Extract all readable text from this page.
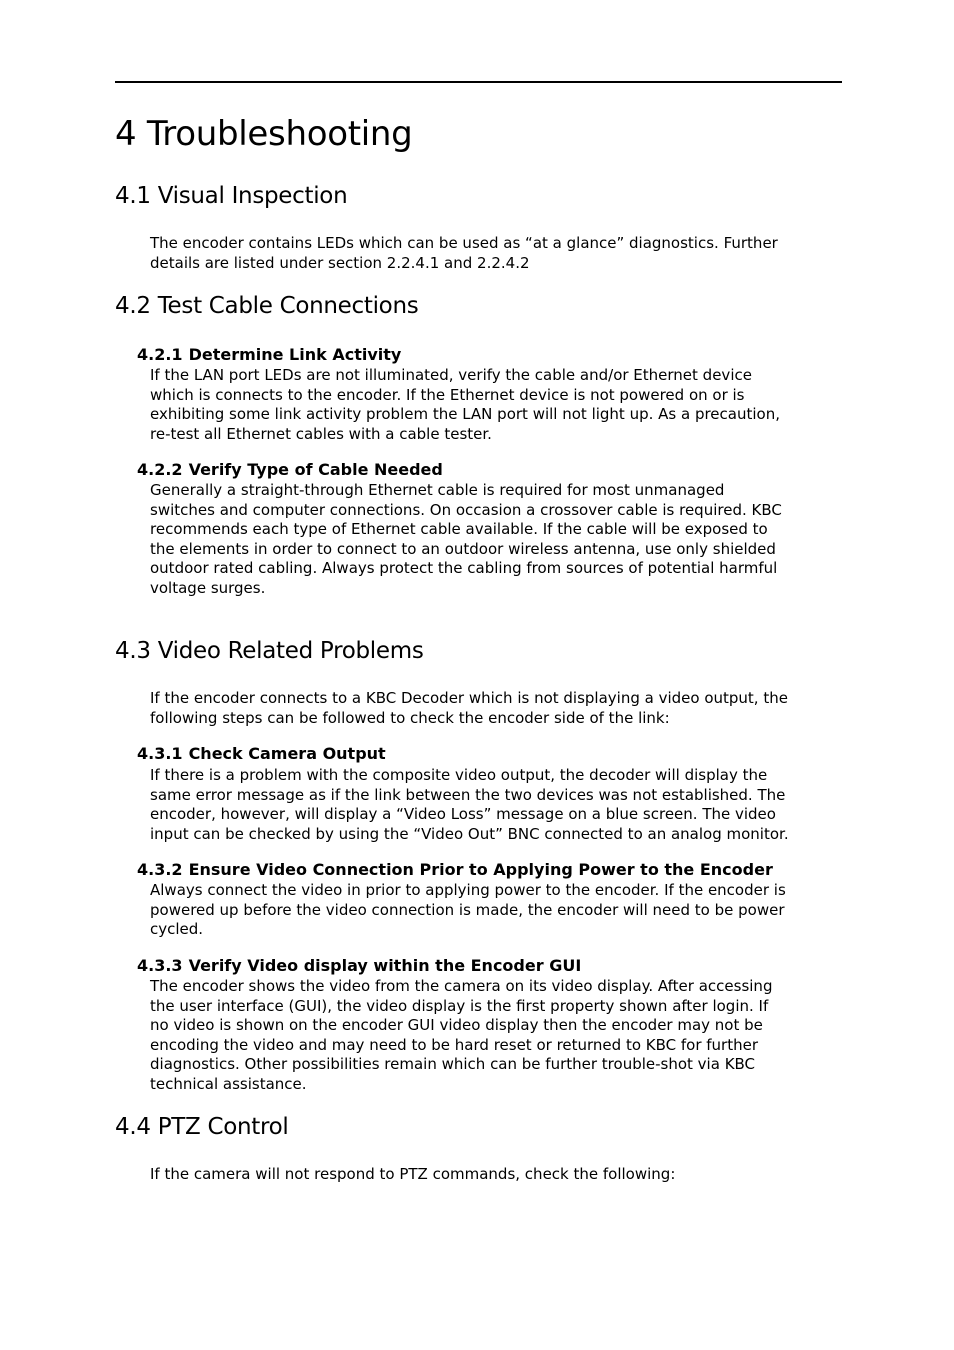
4 Troubleshooting
4.1 Visual Inspection
The encoder contains LEDs which can be used as “at a glance” diagnostics. Further
details are listed under section 2.2.4.1 and 2.2.4.2
4.2 Test Cable Connections
4.2.1 Determine Link Activity
If the LAN port LEDs are not illuminated, verify the cable and/or Ethernet device
which is connects to the encoder. If the Ethernet device is not powered on or is
exhibiting some link activity problem the LAN port will not light up. As a precaution,
re-test all Ethernet cables with a cable tester.
4.2.2 Verify Type of Cable Needed
Generally a straight-through Ethernet cable is required for most unmanaged
switches and computer connections. On occasion a crossover cable is required. KBC
recommends each type of Ethernet cable available. If the cable will be exposed to
the elements in order to connect to an outdoor wireless antenna, use only shielded
outdoor rated cabling. Always protect the cabling from sources of potential harmful
voltage surges.
4.3 Video Related Problems
If the encoder connects to a KBC Decoder which is not displaying a video output, the
following steps can be followed to check the encoder side of the link:
4.3.1 Check Camera Output
If there is a problem with the composite video output, the decoder will display the
same error message as if the link between the two devices was not established. The
encoder, however, will display a “Video Loss” message on a blue screen. The video
input can be checked by using the “Video Out” BNC connected to an analog monitor.
4.3.2 Ensure Video Connection Prior to Applying Power to the Encoder
Always connect the video in prior to applying power to the encoder. If the encoder is
powered up before the video connection is made, the encoder will need to be power
cycled.
4.3.3 Verify Video display within the Encoder GUI
The encoder shows the video from the camera on its video display. After accessing
the user interface (GUI), the video display is the first property shown after login. If
no video is shown on the encoder GUI video display then the encoder may not be
encoding the video and may need to be hard reset or returned to KBC for further
diagnostics. Other possibilities remain which can be further trouble-shot via KBC
technical assistance.
4.4 PTZ Control
If the camera will not respond to PTZ commands, check the following:
